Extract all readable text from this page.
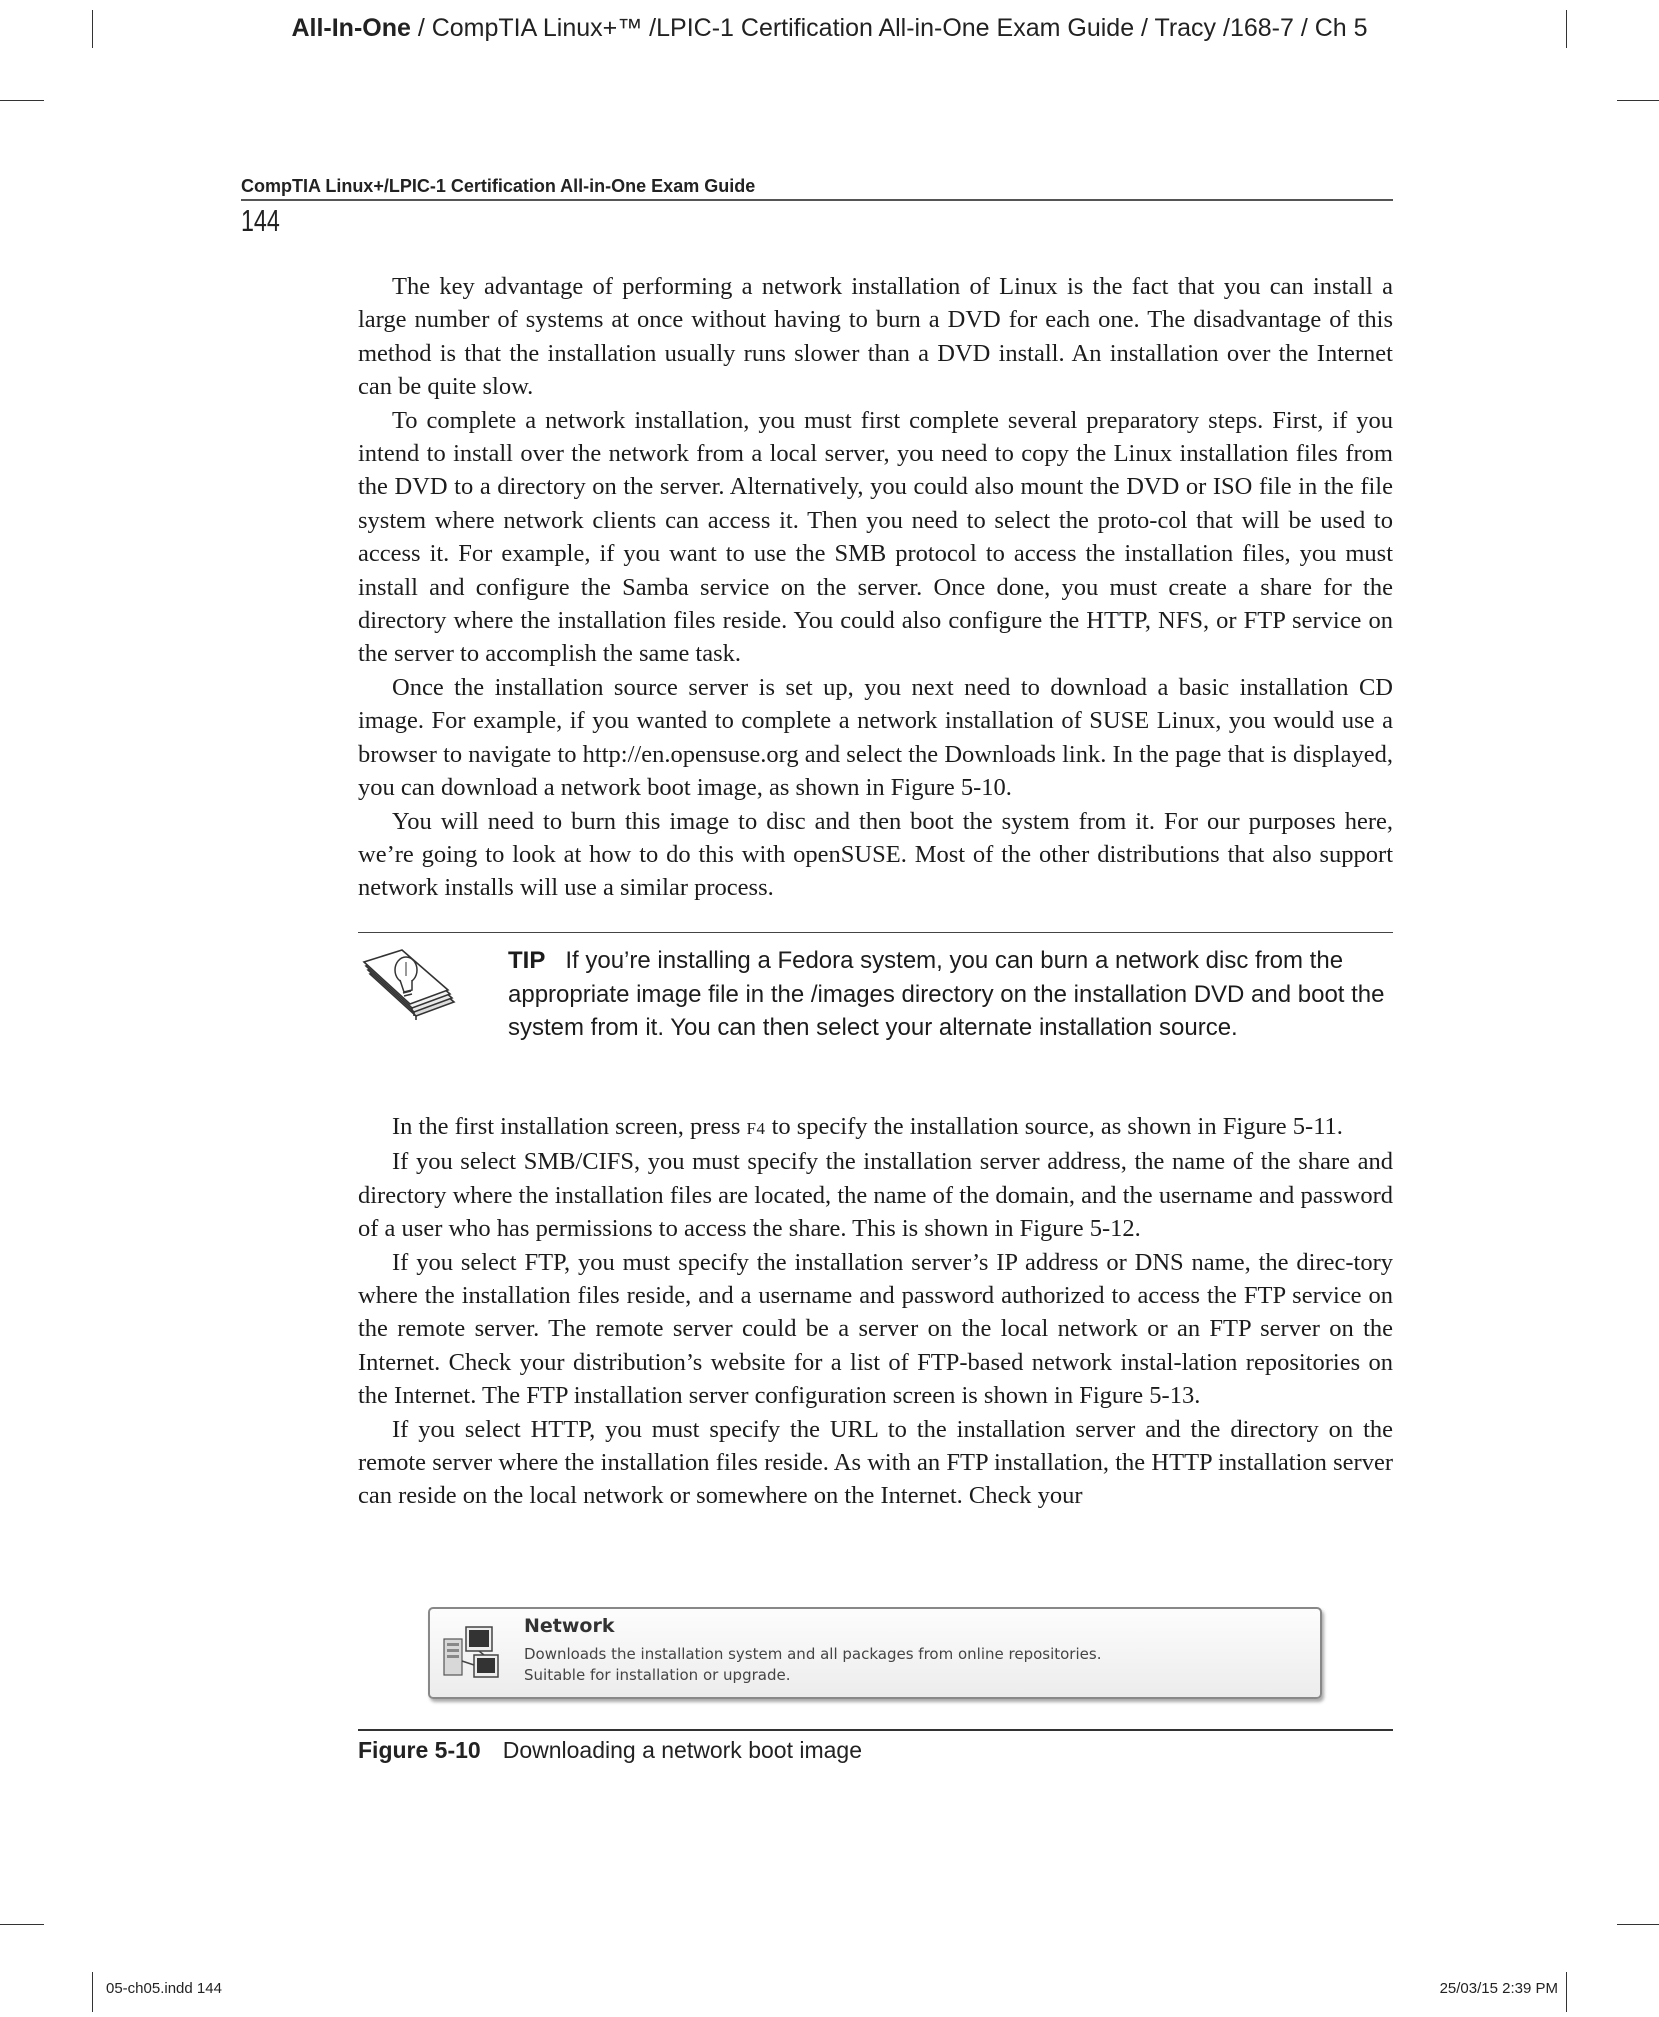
All-In-One / CompTIA Linux+™ /LPIC-1 Certification All-in-One Exam Guide / Tracy /168-7 / Ch 5
CompTIA Linux+/LPIC-1 Certification All-in-One Exam Guide
144

The key advantage of performing a network installation of Linux is the fact that you can install a large number of systems at once without having to burn a DVD for each one. The disadvantage of this method is that the installation usually runs slower than a DVD install. An installation over the Internet can be quite slow.

To complete a network installation, you must first complete several preparatory steps. First, if you intend to install over the network from a local server, you need to copy the Linux installation files from the DVD to a directory on the server. Alternatively, you could also mount the DVD or ISO file in the file system where network clients can access it. Then you need to select the proto-col that will be used to access it. For example, if you want to use the SMB protocol to access the installation files, you must install and configure the Samba service on the server. Once done, you must create a share for the directory where the installation files reside. You could also configure the HTTP, NFS, or FTP service on the server to accomplish the same task.

Once the installation source server is set up, you next need to download a basic installation CD image. For example, if you wanted to complete a network installation of SUSE Linux, you would use a browser to navigate to http://en.opensuse.org and select the Downloads link. In the page that is displayed, you can download a network boot image, as shown in Figure 5-10.

You will need to burn this image to disc and then boot the system from it. For our purposes here, we’re going to look at how to do this with openSUSE. Most of the other distributions that also support network installs will use a similar process.

TIP If you’re installing a Fedora system, you can burn a network disc from the appropriate image file in the /images directory on the installation DVD and boot the system from it. You can then select your alternate installation source.

In the first installation screen, press F4 to specify the installation source, as shown in Figure 5-11.

If you select SMB/CIFS, you must specify the installation server address, the name of the share and directory where the installation files are located, the name of the domain, and the username and password of a user who has permissions to access the share. This is shown in Figure 5-12.

If you select FTP, you must specify the installation server’s IP address or DNS name, the direc-tory where the installation files reside, and a username and password authorized to access the FTP service on the remote server. The remote server could be a server on the local network or an FTP server on the Internet. Check your distribution’s website for a list of FTP-based network instal-lation repositories on the Internet. The FTP installation server configuration screen is shown in Figure 5-13.

If you select HTTP, you must specify the URL to the installation server and the directory on the remote server where the installation files reside. As with an FTP installation, the HTTP installation server can reside on the local network or somewhere on the Internet. Check your

Network
Downloads the installation system and all packages from online repositories.
Suitable for installation or upgrade.
Figure 5-10 Downloading a network boot image
05-ch05.indd 144	25/03/15 2:39 PM
